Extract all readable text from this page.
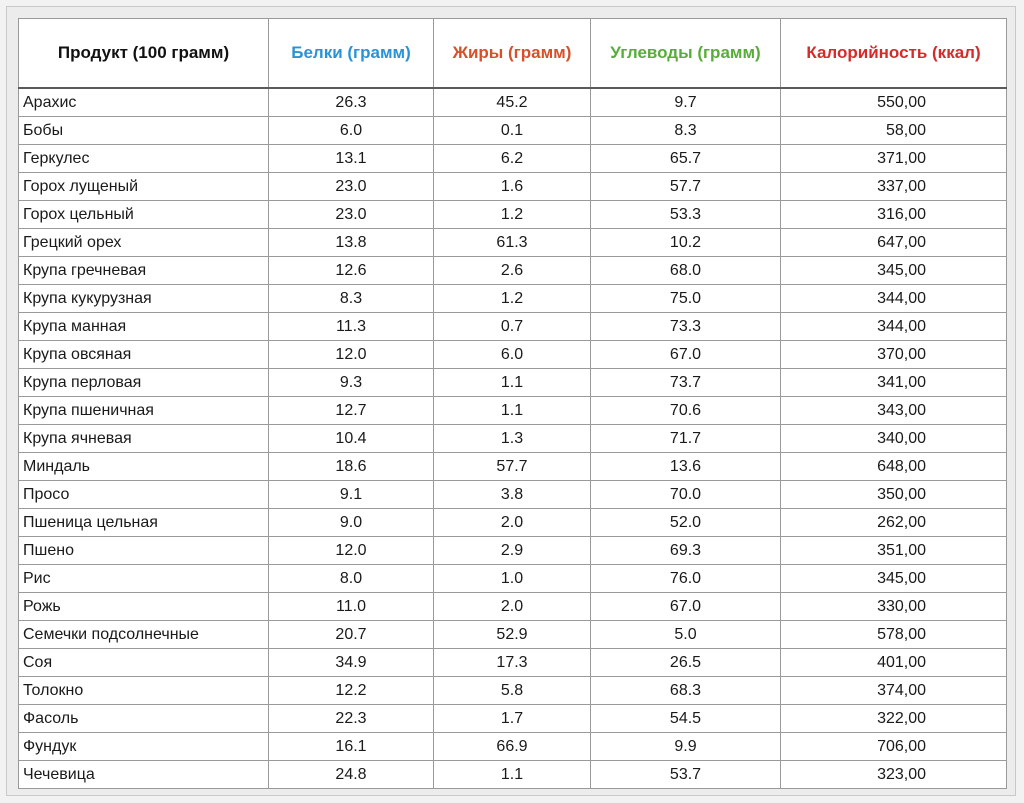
Продукт (100 грамм)	Белки (грамм)	Жиры (грамм)	Углеводы (грамм)	Калорийность (ккал)
Арахис	26.3	45.2	9.7	550,00
Бобы	6.0	0.1	8.3	58,00
Геркулес	13.1	6.2	65.7	371,00
Горох лущеный	23.0	1.6	57.7	337,00
Горох цельный	23.0	1.2	53.3	316,00
Грецкий орех	13.8	61.3	10.2	647,00
Крупа гречневая	12.6	2.6	68.0	345,00
Крупа кукурузная	8.3	1.2	75.0	344,00
Крупа манная	11.3	0.7	73.3	344,00
Крупа овсяная	12.0	6.0	67.0	370,00
Крупа перловая	9.3	1.1	73.7	341,00
Крупа пшеничная	12.7	1.1	70.6	343,00
Крупа ячневая	10.4	1.3	71.7	340,00
Миндаль	18.6	57.7	13.6	648,00
Просо	9.1	3.8	70.0	350,00
Пшеница цельная	9.0	2.0	52.0	262,00
Пшено	12.0	2.9	69.3	351,00
Рис	8.0	1.0	76.0	345,00
Рожь	11.0	2.0	67.0	330,00
Семечки подсолнечные	20.7	52.9	5.0	578,00
Соя	34.9	17.3	26.5	401,00
Толокно	12.2	5.8	68.3	374,00
Фасоль	22.3	1.7	54.5	322,00
Фундук	16.1	66.9	9.9	706,00
Чечевица	24.8	1.1	53.7	323,00
